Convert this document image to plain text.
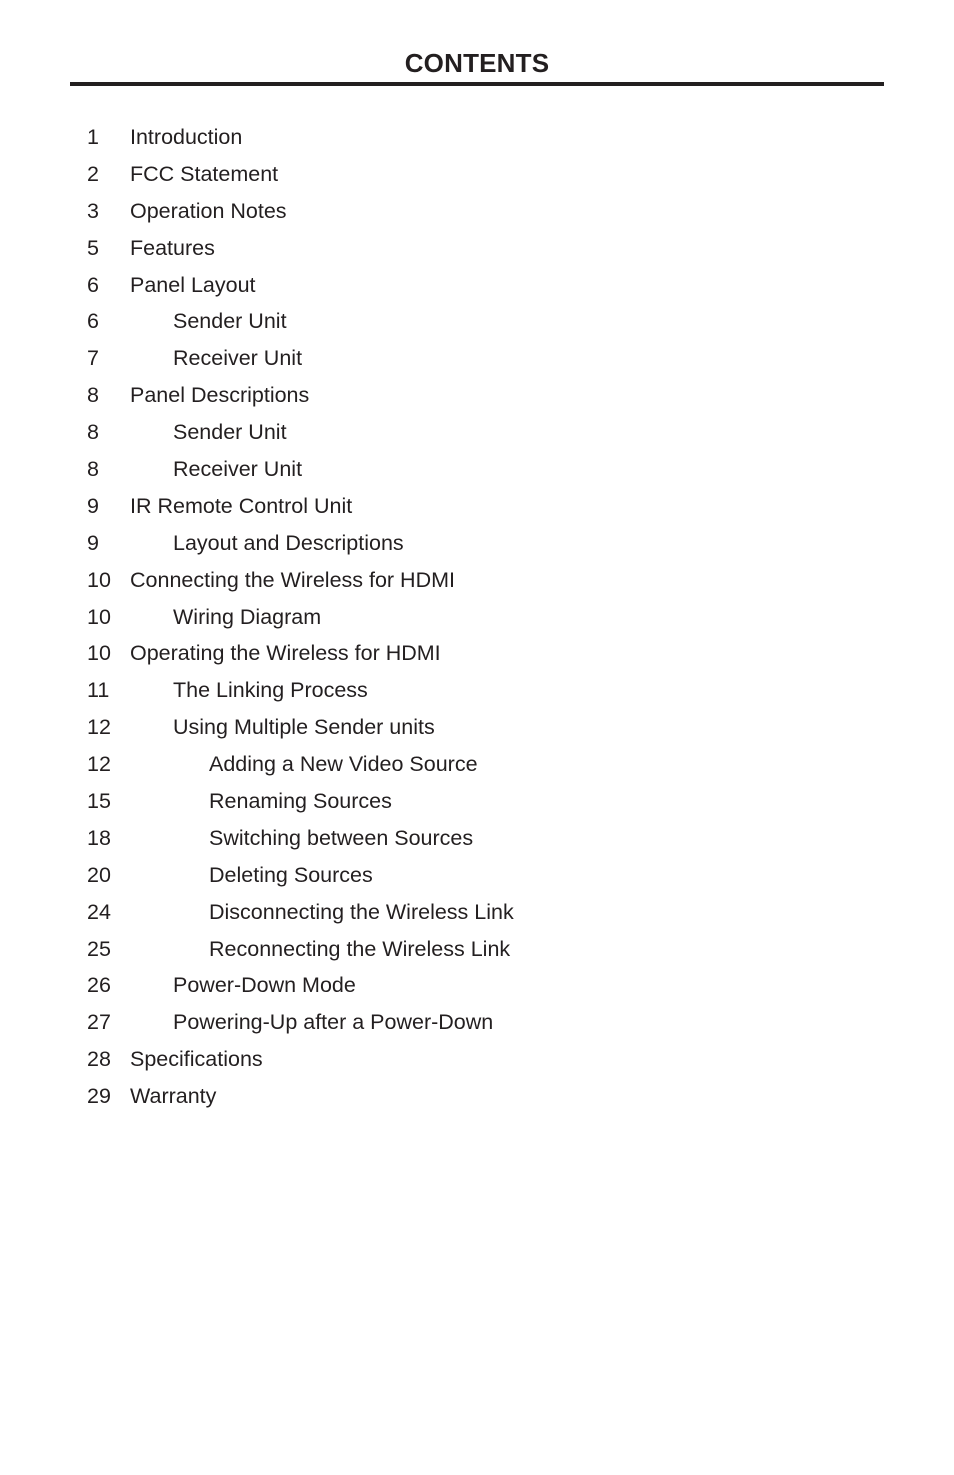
CONTENTS
1 Introduction
2 FCC Statement
3 Operation Notes
5 Features
6 Panel Layout
6	Sender Unit
7	Receiver Unit
8 Panel Descriptions
8	Sender Unit
8	Receiver Unit
9 IR Remote Control Unit
9	Layout and Descriptions
10 Connecting the Wireless for HDMI
10	Wiring Diagram
10 Operating the Wireless for HDMI
11	The Linking Process
12	Using Multiple Sender units
12	Adding a New Video Source
15	Renaming Sources
18	Switching between Sources
20	Deleting Sources
24	Disconnecting the Wireless Link
25	Reconnecting the Wireless Link
26	Power-Down Mode
27	Powering-Up after a Power-Down
28 Specifications
29 Warranty
